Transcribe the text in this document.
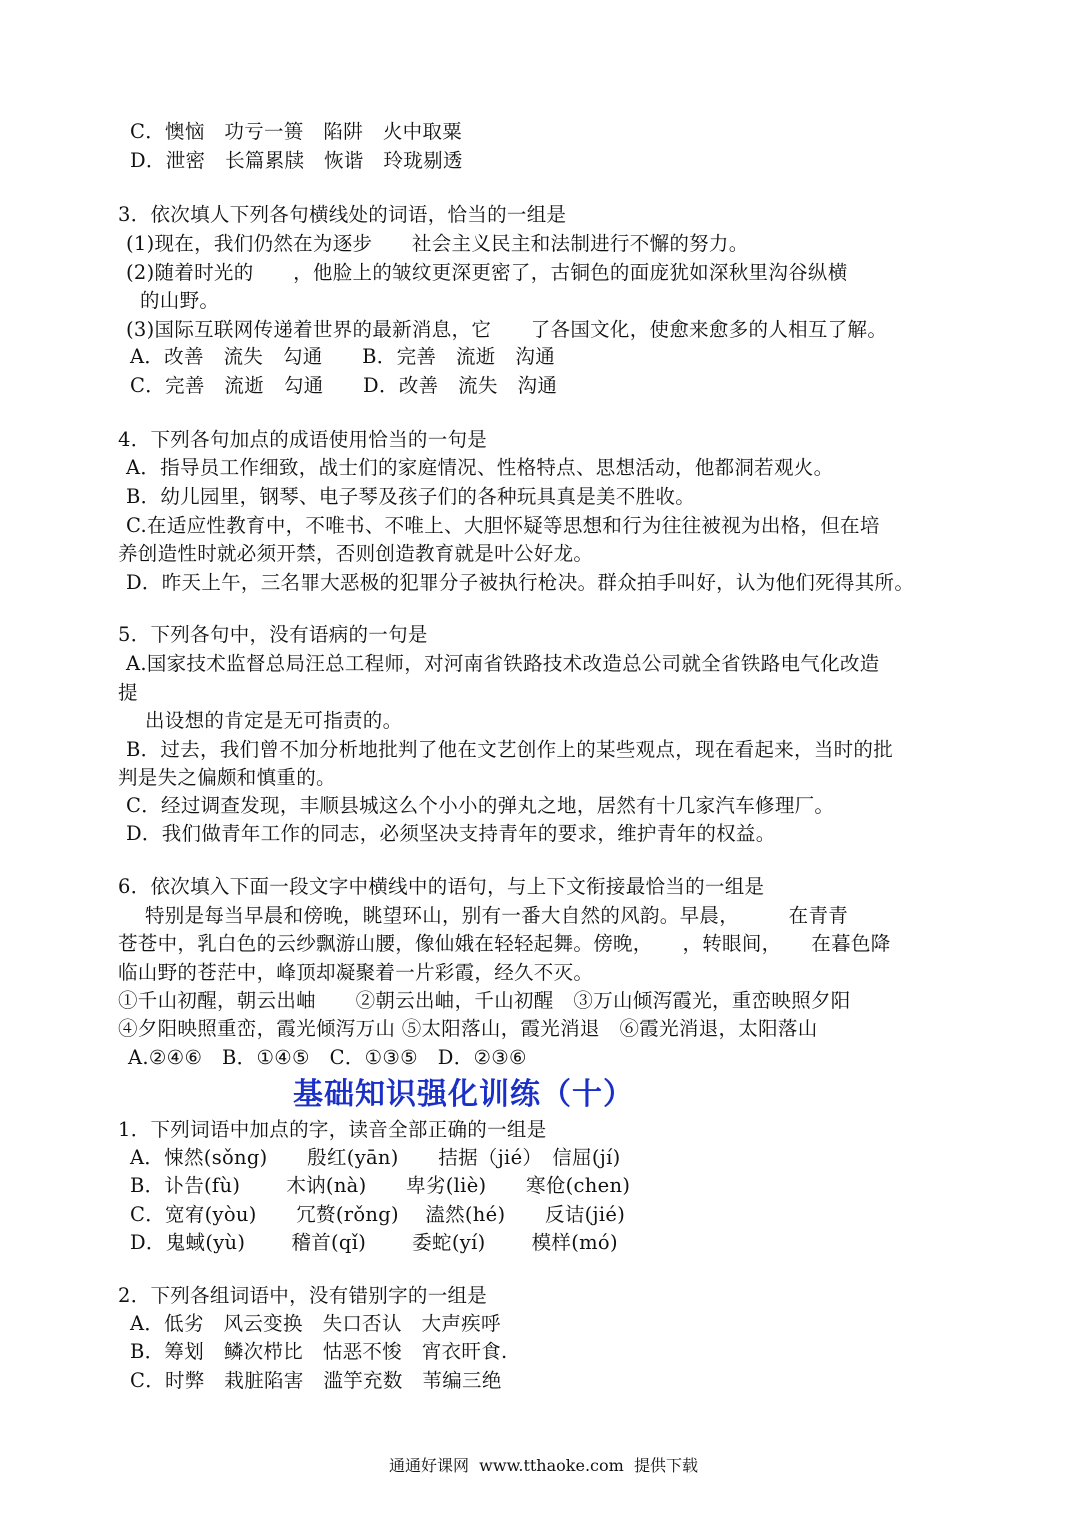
C．懊恼　功亏一篑　陷阱　火中取粟
D．泄密　长篇累牍　恢谐　玲珑剔透
3．依次填人下列各句横线处的词语，恰当的一组是
(1)现在，我们仍然在为逐步　　社会主义民主和法制进行不懈的努力。
(2)随着时光的　　，他脸上的皱纹更深更密了，古铜色的面庞犹如深秋里沟谷纵横
的山野。
(3)国际互联网传递着世界的最新消息，它　　了各国文化，使愈来愈多的人相互了解。
A．改善　流失　勾通　　B．完善　流逝　沟通
C．完善　流逝　勾通　　D．改善　流失　沟通
4．下列各句加点的成语使用恰当的一句是
A．指导员工作细致，战士们的家庭情况、性格特点、思想活动，他都洞若观火。
B．幼儿园里，钢琴、电子琴及孩子们的各种玩具真是美不胜收。
C.在适应性教育中，不唯书、不唯上、大胆怀疑等思想和行为往往被视为出格，但在培
养创造性时就必须开禁，否则创造教育就是叶公好龙。
D．昨天上午，三名罪大恶极的犯罪分子被执行枪决。群众拍手叫好，认为他们死得其所。
5．下列各句中，没有语病的一句是
A.国家技术监督总局汪总工程师，对河南省铁路技术改造总公司就全省铁路电气化改造
提
出设想的肯定是无可指责的。
B．过去，我们曾不加分析地批判了他在文艺创作上的某些观点，现在看起来，当时的批
判是失之偏颇和慎重的。
C．经过调查发现，丰顺县城这么个小小的弹丸之地，居然有十几家汽车修理厂。
D．我们做青年工作的同志，必须坚决支持青年的要求，维护青年的权益。
6．依次填入下面一段文字中横线中的语句，与上下文衔接最恰当的一组是
特别是每当早晨和傍晚，眺望环山，别有一番大自然的风韵。早晨，　　　在青青
苍苍中，乳白色的云纱飘游山腰，像仙娥在轻轻起舞。傍晚，　　，转眼间，　　在暮色降
临山野的苍茫中，峰顶却凝聚着一片彩霞，经久不灭。
①千山初醒，朝云出岫　　②朝云出岫，千山初醒　③万山倾泻霞光，重峦映照夕阳
④夕阳映照重峦，霞光倾泻万山 ⑤太阳落山，霞光消退　⑥霞光消退，太阳落山
A.②④⑥　B．①④⑤　C．①③⑤　D．②③⑥
基础知识强化训练（十）
1．下列词语中加点的字，读音全部正确的一组是
A．悚然(sǒng)　　殷红(yān)　　拮据（jié）　信屈(jí)
B．讣告(fù)　　 木讷(nà)　　卑劣(liè)　　寒伧(chen)
C．宽宥(yòu)　　冗赘(rǒng)　 溘然(hé)　　反诘(jié)
D．鬼蜮(yù)　　 稽首(qǐ)　　 委蛇(yí)　　 模样(mó)
2．下列各组词语中，没有错别字的一组是
A．低劣　风云变换　失口否认　大声疾呼
B．筹划　鳞次栉比　怙恶不悛　宵衣旰食.
C．时弊　栽脏陷害　滥竽充数　苇编三绝
通通好课网  www.tthaoke.com  提供下载
